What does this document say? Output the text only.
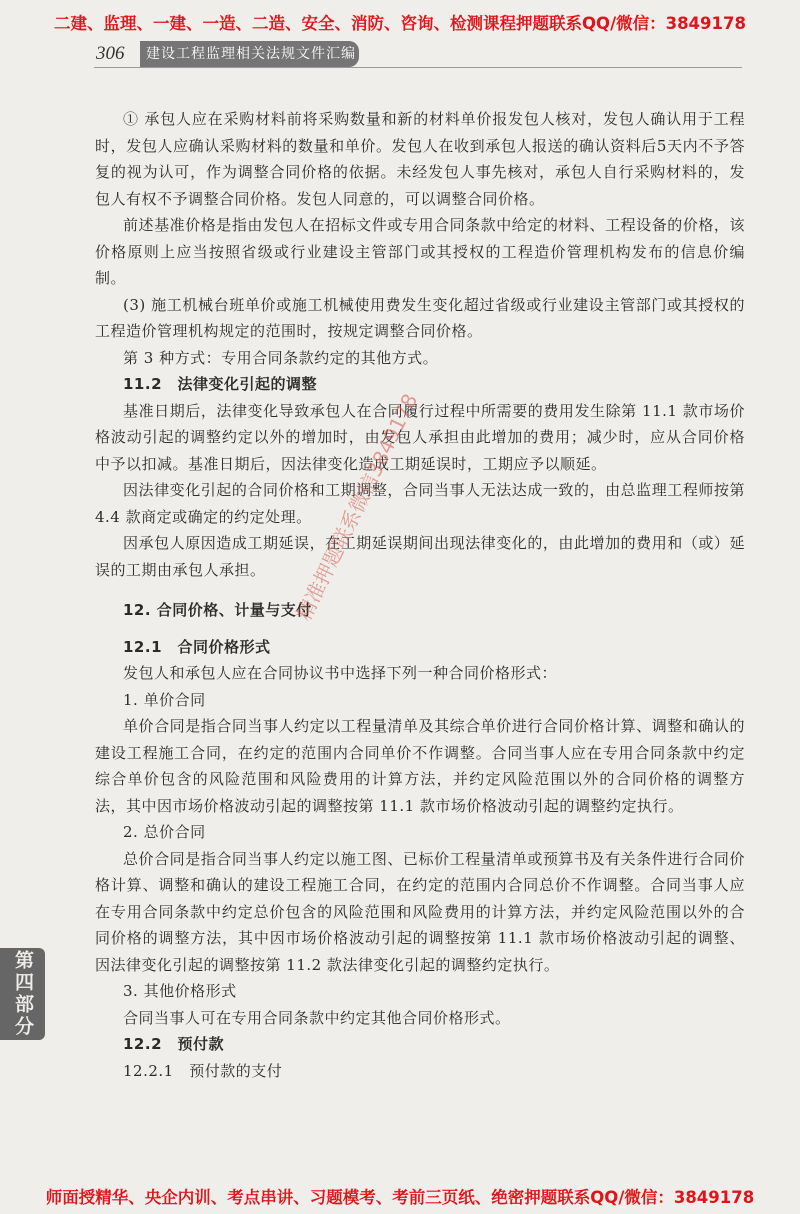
二建、监理、一建、一造、二造、安全、消防、咨询、检测课程押题联系QQ/微信：3849178
306	建设工程监理相关法规文件汇编
第四部分

① 承包人应在采购材料前将采购数量和新的材料单价报发包人核对，发包人确认用于工程时，发包人应确认采购材料的数量和单价。发包人在收到承包人报送的确认资料后5天内不予答复的视为认可，作为调整合同价格的依据。未经发包人事先核对，承包人自行采购材料的，发包人有权不予调整合同价格。发包人同意的，可以调整合同价格。

前述基准价格是指由发包人在招标文件或专用合同条款中给定的材料、工程设备的价格，该价格原则上应当按照省级或行业建设主管部门或其授权的工程造价管理机构发布的信息价编制。

(3) 施工机械台班单价或施工机械使用费发生变化超过省级或行业建设主管部门或其授权的工程造价管理机构规定的范围时，按规定调整合同价格。

第 3 种方式：专用合同条款约定的其他方式。

11.2　法律变化引起的调整

基准日期后，法律变化导致承包人在合同履行过程中所需要的费用发生除第 11.1 款市场价格波动引起的调整约定以外的增加时，由发包人承担由此增加的费用；减少时，应从合同价格中予以扣减。基准日期后，因法律变化造成工期延误时，工期应予以顺延。

因法律变化引起的合同价格和工期调整，合同当事人无法达成一致的，由总监理工程师按第 4.4 款商定或确定的约定处理。

因承包人原因造成工期延误，在工期延误期间出现法律变化的，由此增加的费用和（或）延误的工期由承包人承担。

12. 合同价格、计量与支付

12.1　合同价格形式

发包人和承包人应在合同协议书中选择下列一种合同价格形式：

1. 单价合同

单价合同是指合同当事人约定以工程量清单及其综合单价进行合同价格计算、调整和确认的建设工程施工合同，在约定的范围内合同单价不作调整。合同当事人应在专用合同条款中约定综合单价包含的风险范围和风险费用的计算方法，并约定风险范围以外的合同价格的调整方法，其中因市场价格波动引起的调整按第 11.1 款市场价格波动引起的调整约定执行。

2. 总价合同

总价合同是指合同当事人约定以施工图、已标价工程量清单或预算书及有关条件进行合同价格计算、调整和确认的建设工程施工合同，在约定的范围内合同总价不作调整。合同当事人应在专用合同条款中约定总价包含的风险范围和风险费用的计算方法，并约定风险范围以外的合同价格的调整方法，其中因市场价格波动引起的调整按第 11.1 款市场价格波动引起的调整、因法律变化引起的调整按第 11.2 款法律变化引起的调整约定执行。

3. 其他价格形式

合同当事人可在专用合同条款中约定其他合同价格形式。

12.2　预付款

12.2.1　预付款的支付

精准押题联系微信3849178
师面授精华、央企内训、考点串讲、习题模考、考前三页纸、绝密押题联系QQ/微信：3849178
